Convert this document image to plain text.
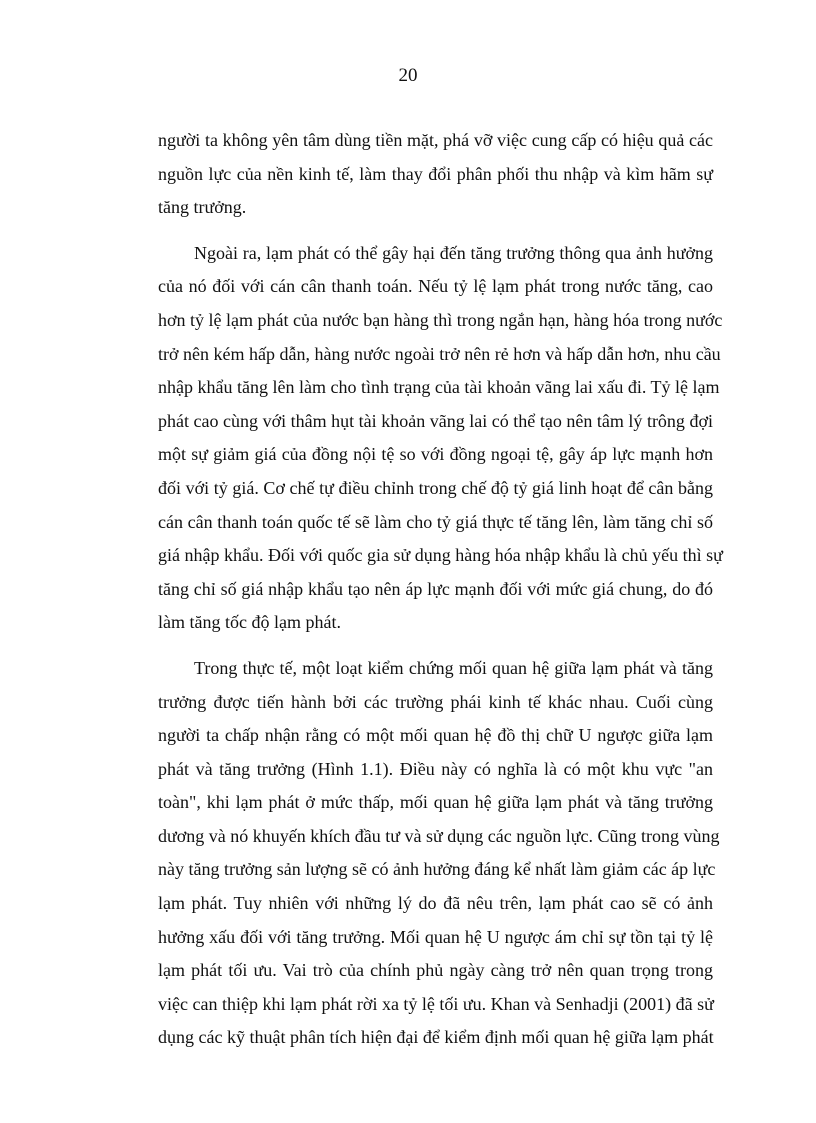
20

người ta không yên tâm dùng tiền mặt, phá vỡ việc cung cấp có hiệu quả các
nguồn lực của nền kinh tế, làm thay đổi phân phối thu nhập và kìm hãm sự
tăng trưởng.

Ngoài ra, lạm phát có thể gây hại đến tăng trưởng thông qua ảnh hưởng
của nó đối với cán cân thanh toán. Nếu tỷ lệ lạm phát trong nước tăng, cao
hơn tỷ lệ lạm phát của nước bạn hàng thì trong ngắn hạn, hàng hóa trong nước
trở nên kém hấp dẫn, hàng nước ngoài trở nên rẻ hơn và hấp dẫn hơn, nhu cầu
nhập khẩu tăng lên làm cho tình trạng của tài khoản vãng lai xấu đi. Tỷ lệ lạm
phát cao cùng với thâm hụt tài khoản vãng lai có thể tạo nên tâm lý trông đợi
một sự giảm giá của đồng nội tệ so với đồng ngoại tệ, gây áp lực mạnh hơn
đối với tỷ giá. Cơ chế tự điều chỉnh trong chế độ tỷ giá linh hoạt để cân bằng
cán cân thanh toán quốc tế sẽ làm cho tỷ giá thực tế tăng lên, làm tăng chỉ số
giá nhập khẩu. Đối với quốc gia sử dụng hàng hóa nhập khẩu là chủ yếu thì sự
tăng chỉ số giá nhập khẩu tạo nên áp lực mạnh đối với mức giá chung, do đó
làm tăng tốc độ lạm phát.

Trong thực tế, một loạt kiểm chứng mối quan hệ giữa lạm phát và tăng
trưởng được tiến hành bởi các trường phái kinh tế khác nhau. Cuối cùng
người ta chấp nhận rằng có một mối quan hệ đồ thị chữ U ngược giữa lạm
phát và tăng trưởng (Hình 1.1). Điều này có nghĩa là có một khu vực "an
toàn", khi lạm phát ở mức thấp, mối quan hệ giữa lạm phát và tăng trưởng
dương và nó khuyến khích đầu tư và sử dụng các nguồn lực. Cũng trong vùng
này tăng trưởng sản lượng sẽ có ảnh hưởng đáng kể nhất làm giảm các áp lực
lạm phát. Tuy nhiên với những lý do đã nêu trên, lạm phát cao sẽ có ảnh
hưởng xấu đối với tăng trưởng. Mối quan hệ U ngược ám chỉ sự tồn tại tỷ lệ
lạm phát tối ưu. Vai trò của chính phủ ngày càng trở nên quan trọng trong
việc can thiệp khi lạm phát rời xa tỷ lệ tối ưu. Khan và Senhadji (2001) đã sử
dụng các kỹ thuật phân tích hiện đại để kiểm định mối quan hệ giữa lạm phát
